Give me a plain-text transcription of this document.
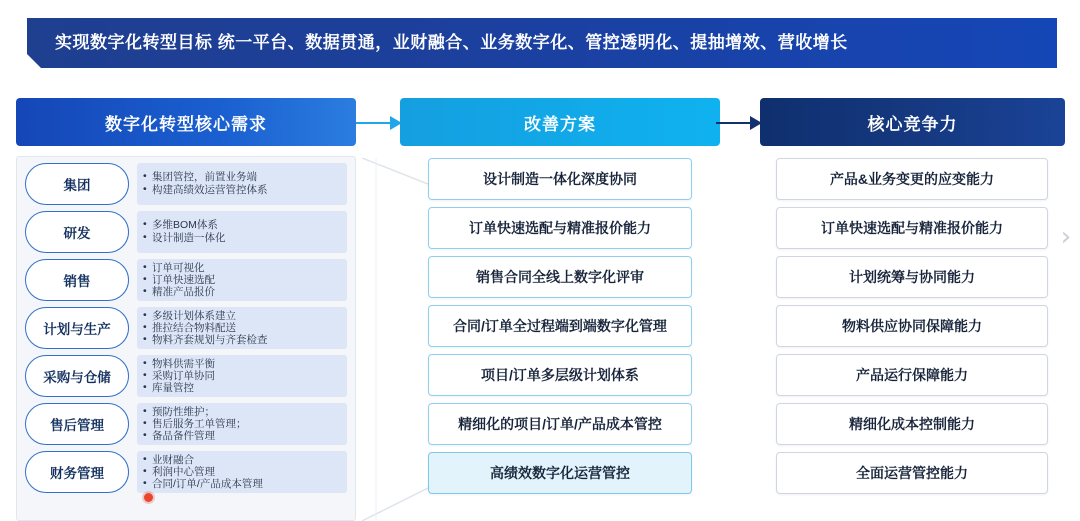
实现数字化转型目标 统一平台、数据贯通，业财融合、业务数字化、管控透明化、提抽增效、营收增长
数字化转型核心需求	改善方案	核心竞争力
集团
• 集团管控，前置业务端
• 构建高绩效运营管控体系
研发
• 多维BOM体系
• 设计制造一体化
销售
• 订单可视化
• 订单快速选配
• 精准产品报价
计划与生产
• 多级计划体系建立
• 推拉结合物料配送
• 物料齐套规划与齐套检查
采购与仓储
• 物料供需平衡
• 采购订单协同
• 库量管控
售后管理
• 预防性维护；
• 售后服务工单管理；
• 备品备件管理
财务管理
• 业财融合
• 利润中心管理
• 合同/订单/产品成本管理
设计制造一体化深度协同
订单快速选配与精准报价能力
销售合同全线上数字化评审
合同/订单全过程端到端数字化管理
项目/订单多层级计划体系
精细化的项目/订单/产品成本管控
高绩效数字化运营管控
产品&业务变更的应变能力
订单快速选配与精准报价能力
计划统筹与协同能力
物料供应协同保障能力
产品运行保障能力
精细化成本控制能力
全面运营管控能力
›
